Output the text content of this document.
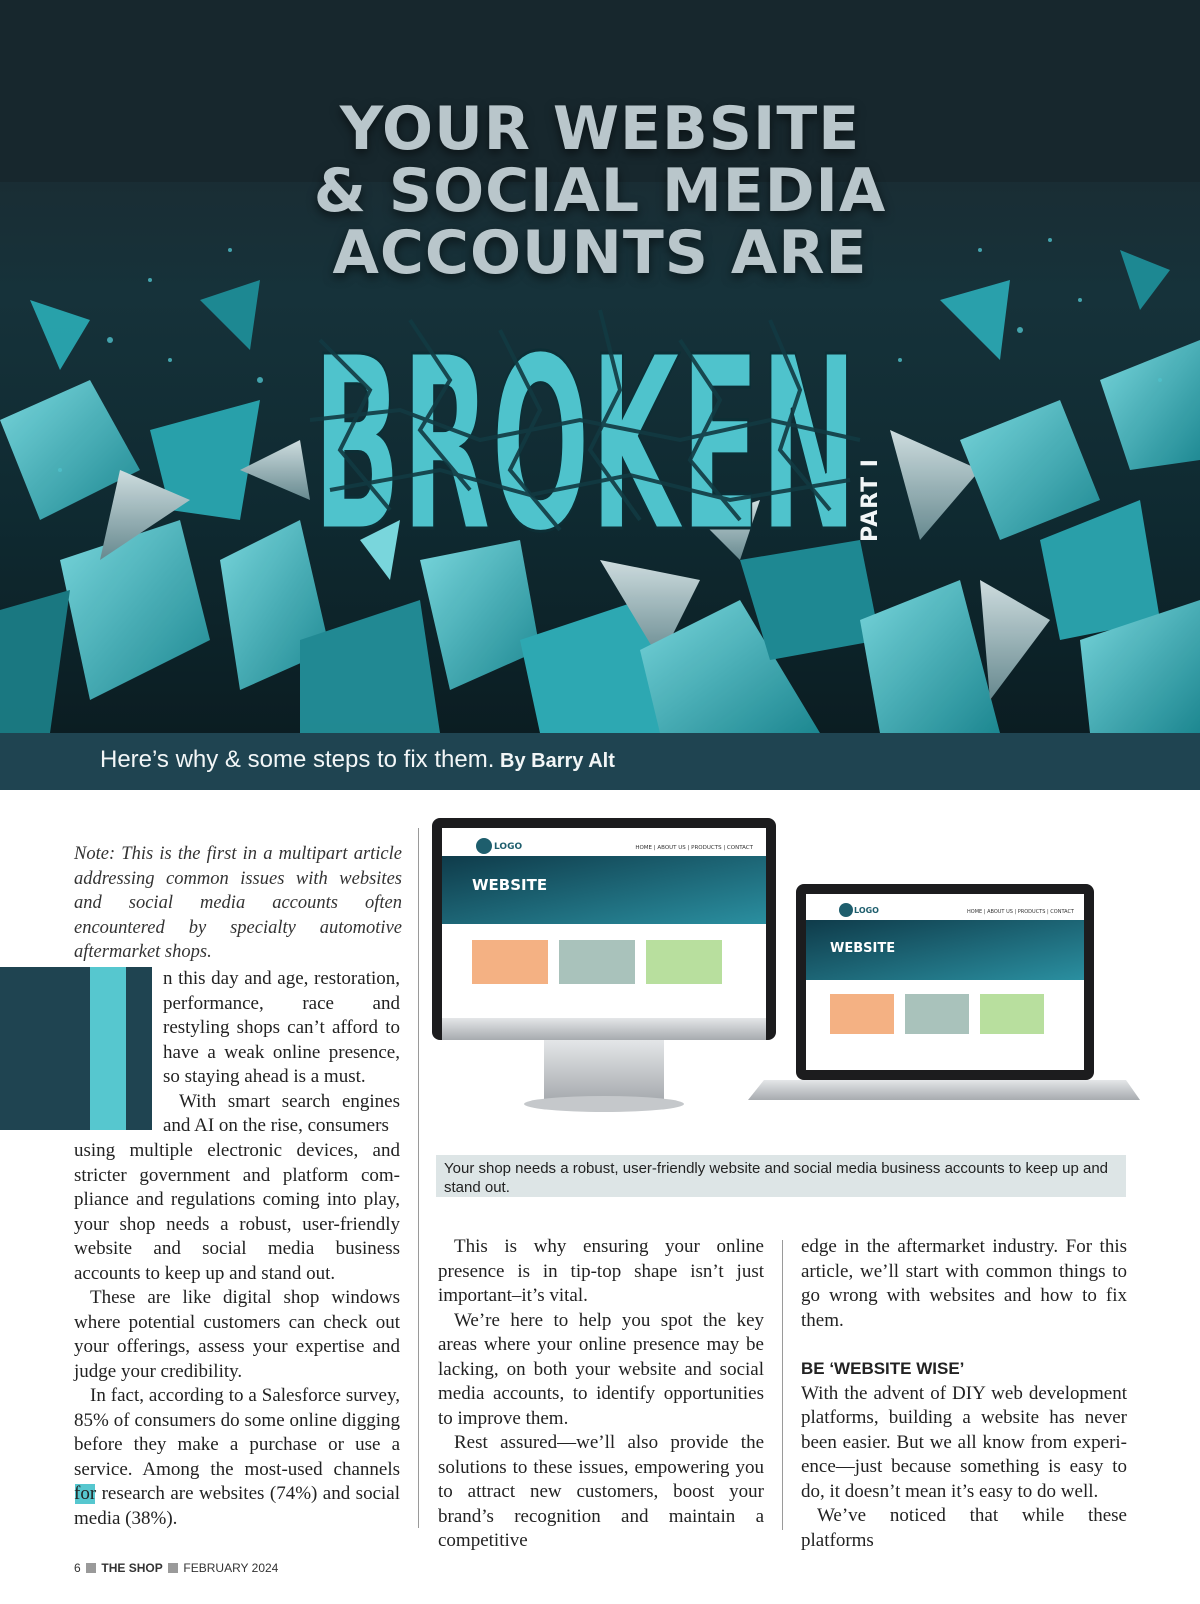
YOUR WEBSITE
& SOCIAL MEDIA
ACCOUNTS ARE
BROKEN PART I
Here’s why & some steps to fix them. By Barry Alt
Note: This is the first in a multipart article addressing common issues with websites and social media accounts often encountered by specialty automotive aftermarket shops.

n this day and age, restoration, performance, race and restyling shops can’t afford to have a weak online presence, so staying ahead is a must.

With smart search engines and AI on the rise, consumers

using multiple electronic devices, and stricter government and platform compliance and regulations coming into play, your shop needs a robust, user-friendly website and social media business accounts to keep up and stand out.

These are like digital shop windows where potential customers can check out your offerings, assess your expertise and judge your credibility.

In fact, according to a Salesforce survey, 85% of consumers do some online digging before they make a purchase or use a service. Among the most-used channels for research are websites (74%) and social media (38%).

LOGO	HOME | ABOUT US | PRODUCTS | CONTACT
WEBSITE
LOGO	HOME | ABOUT US | PRODUCTS | CONTACT
WEBSITE
Your shop needs a robust, user-friendly website and social media business accounts to keep up and stand out.

This is why ensuring your online presence is in tip-top shape isn’t just important–it’s vital.

We’re here to help you spot the key areas where your online presence may be lacking, on both your website and social media accounts, to identify opportunities to improve them.

Rest assured—we’ll also provide the solutions to these issues, empowering you to attract new customers, boost your brand’s recognition and maintain a competitive

edge in the aftermarket industry. For this article, we’ll start with common things to go wrong with websites and how to fix them.

BE ‘WEBSITE WISE’

With the advent of DIY web development platforms, building a website has never been easier. But we all know from experience—just because something is easy to do, it doesn’t mean it’s easy to do well.

We’ve noticed that while these platforms

6 THE SHOP FEBRUARY 2024
